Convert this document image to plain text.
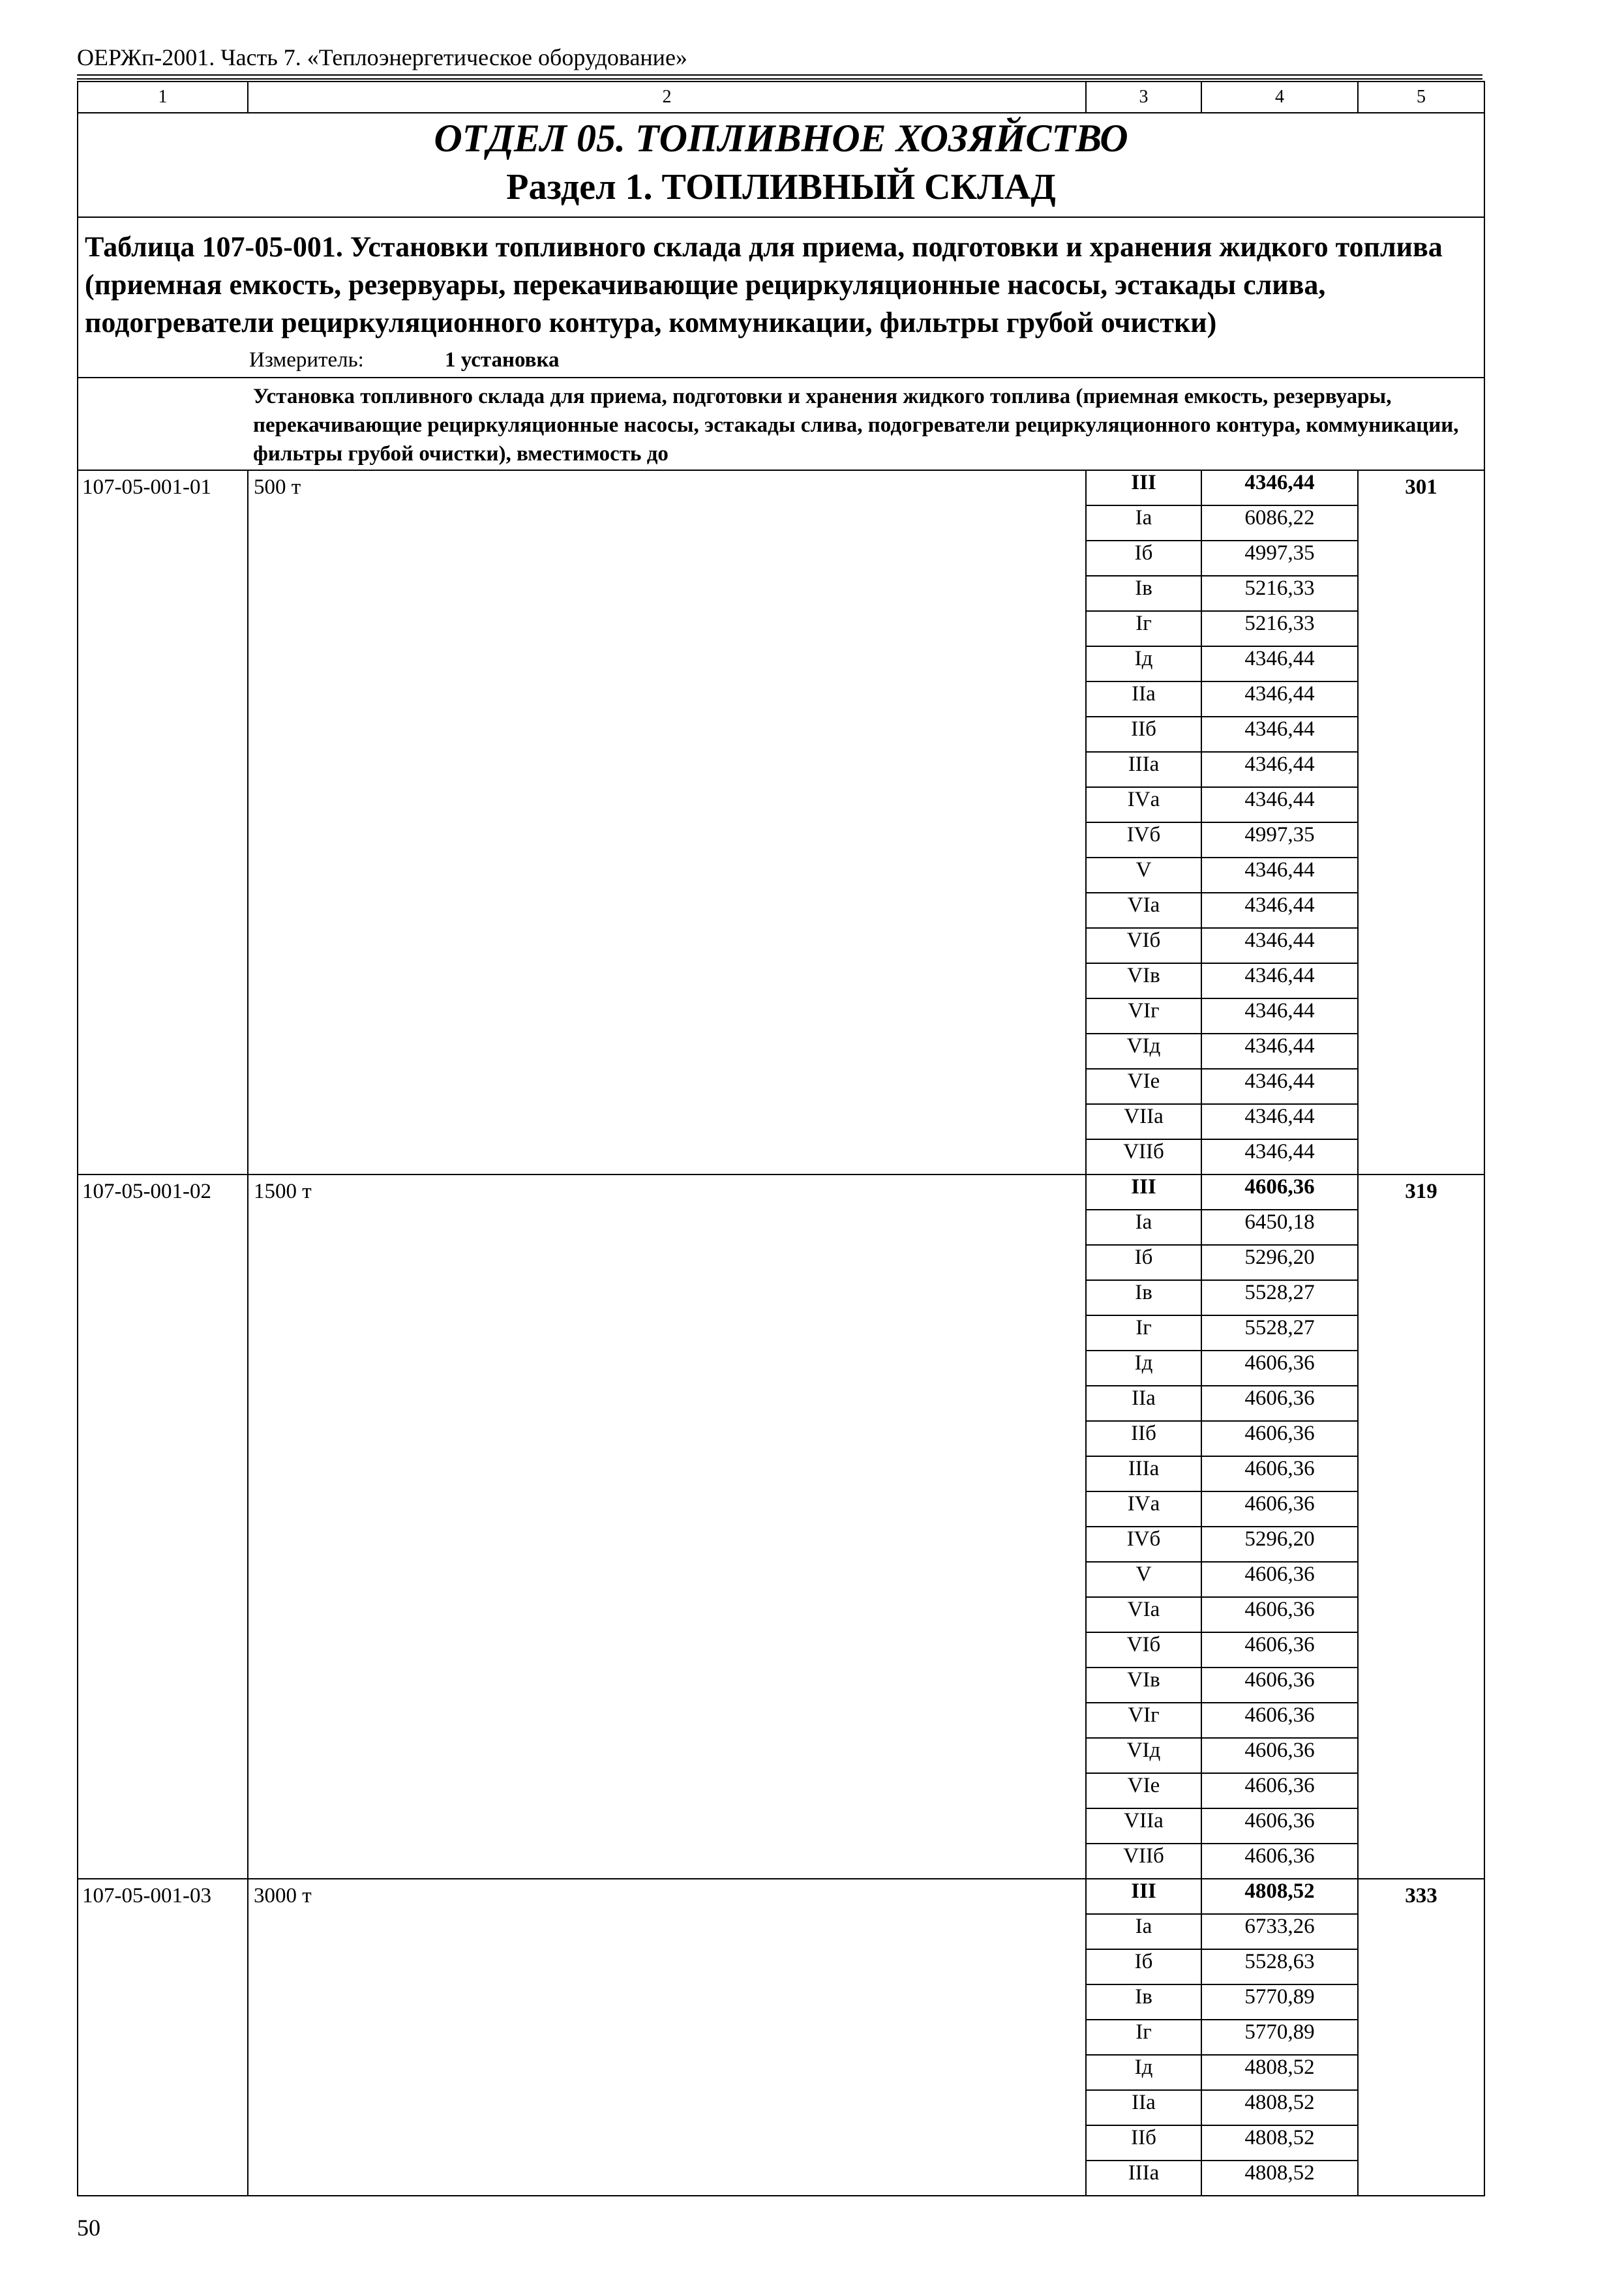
ОЕРЖп-2001. Часть 7. «Теплоэнергетическое оборудование»
1	2	3	4	5

ОТДЕЛ 05. ТОПЛИВНОЕ ХОЗЯЙСТВО
Раздел 1. ТОПЛИВНЫЙ СКЛАД				

Таблица 107-05-001. Установки топливного склада для приема, подготовки и хранения жидкого топлива (приемная емкость, резервуары, перекачивающие рециркуляционные насосы, эстакады слива, подогреватели рециркуляционного контура, коммуникации, фильтры грубой очистки)
Измеритель: 1 установка				

Установка топливного склада для приема, подготовки и хранения жидкого топлива (приемная емкость, резервуары, перекачивающие рециркуляционные насосы, эстакады слива, подогреватели рециркуляционного контура, коммуникации, фильтры грубой очистки), вместимость до				

107-05-001-01	500 т	III	4346,44	301
		Iа	6086,22	
		Iб	4997,35	
		Iв	5216,33	
		Iг	5216,33	
		Iд	4346,44	
		IIа	4346,44	
		IIб	4346,44	
		IIIа	4346,44	
		IVа	4346,44	
		IVб	4997,35	
		V	4346,44	
		VIа	4346,44	
		VIб	4346,44	
		VIв	4346,44	
		VIг	4346,44	
		VIд	4346,44	
		VIе	4346,44	
		VIIа	4346,44	
		VIIб	4346,44	
107-05-001-02	1500 т	III	4606,36	319
		Iа	6450,18	
		Iб	5296,20	
		Iв	5528,27	
		Iг	5528,27	
		Iд	4606,36	
		IIа	4606,36	
		IIб	4606,36	
		IIIа	4606,36	
		IVа	4606,36	
		IVб	5296,20	
		V	4606,36	
		VIа	4606,36	
		VIб	4606,36	
		VIв	4606,36	
		VIг	4606,36	
		VIд	4606,36	
		VIе	4606,36	
		VIIа	4606,36	
		VIIб	4606,36	
107-05-001-03	3000 т	III	4808,52	333
		Iа	6733,26	
		Iб	5528,63	
		Iв	5770,89	
		Iг	5770,89	
		Iд	4808,52	
		IIа	4808,52	
		IIб	4808,52	
		IIIа	4808,52	
50
